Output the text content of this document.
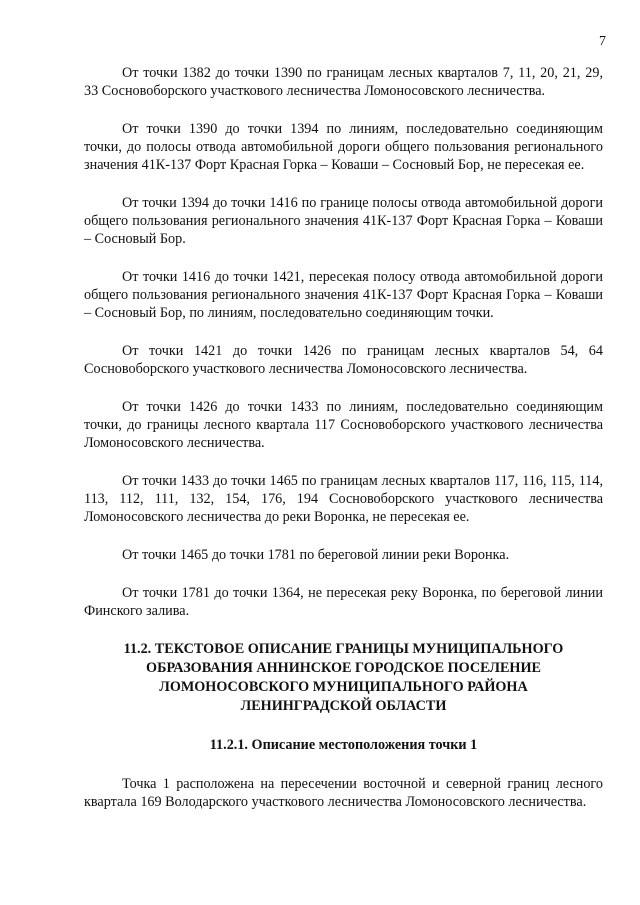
7

От точки 1382 до точки 1390 по границам лесных кварталов 7, 11, 20, 21, 29, 33 Сосновоборского участкового лесничества Ломоносовского лесничества.

От точки 1390 до точки 1394 по линиям, последовательно соединяющим точки, до полосы отвода автомобильной дороги общего пользования регионального значения 41К-137 Форт Красная Горка – Коваши – Сосновый Бор, не пересекая ее.

От точки 1394 до точки 1416 по границе полосы отвода автомобильной дороги общего пользования регионального значения 41К-137 Форт Красная Горка – Коваши – Сосновый Бор.

От точки 1416 до точки 1421, пересекая полосу отвода автомобильной дороги общего пользования регионального значения 41К-137 Форт Красная Горка – Коваши – Сосновый Бор, по линиям, последовательно соединяющим точки.

От точки 1421 до точки 1426 по границам лесных кварталов 54, 64 Сосновоборского участкового лесничества Ломоносовского лесничества.

От точки 1426 до точки 1433 по линиям, последовательно соединяющим точки, до границы лесного квартала 117 Сосновоборского участкового лесничества Ломоносовского лесничества.

От точки 1433 до точки 1465 по границам лесных кварталов 117, 116, 115, 114, 113, 112, 111, 132, 154, 176, 194 Сосновоборского участкового лесничества Ломоносовского лесничества до реки Воронка, не пересекая ее.

От точки 1465 до точки 1781 по береговой линии реки Воронка.

От точки 1781 до точки 1364, не пересекая реку Воронка, по береговой линии Финского залива.

11.2. ТЕКСТОВОЕ ОПИСАНИЕ ГРАНИЦЫ МУНИЦИПАЛЬНОГО
ОБРАЗОВАНИЯ АННИНСКОЕ ГОРОДСКОЕ ПОСЕЛЕНИЕ
ЛОМОНОСОВСКОГО МУНИЦИПАЛЬНОГО РАЙОНА
ЛЕНИНГРАДСКОЙ ОБЛАСТИ
11.2.1. Описание местоположения точки 1

Точка 1 расположена на пересечении восточной и северной границ лесного квартала 169 Володарского участкового лесничества Ломоносовского лесничества.
